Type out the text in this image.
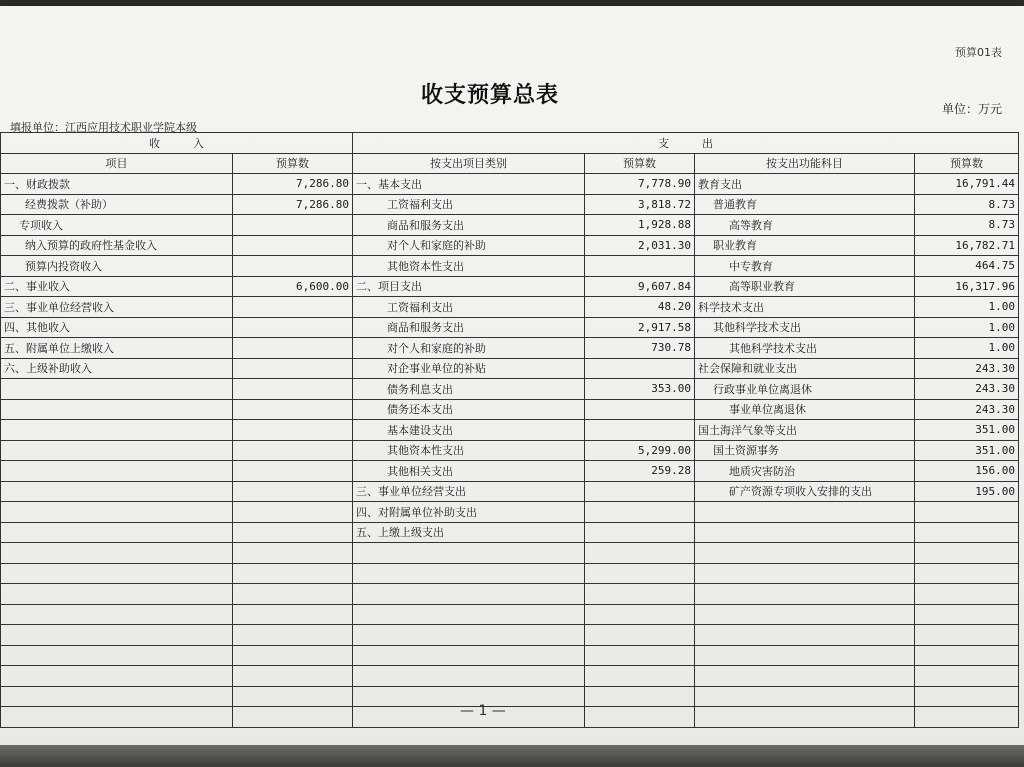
预算01表
收支预算总表
单位：万元
填报单位：江西应用技术职业学院本级
收　　　入		支　　　出			
项目	预算数	按支出项目类别	预算数	按支出功能科目	预算数
一、财政拨款	7,286.80	一、基本支出	7,778.90	教育支出	16,791.44
经费拨款（补助）	7,286.80	工资福利支出	3,818.72	普通教育	8.73
专项收入		商品和服务支出	1,928.88	高等教育	8.73
纳入预算的政府性基金收入		对个人和家庭的补助	2,031.30	职业教育	16,782.71
预算内投资收入		其他资本性支出		中专教育	464.75
二、事业收入	6,600.00	二、项目支出	9,607.84	高等职业教育	16,317.96
三、事业单位经营收入		工资福利支出	48.20	科学技术支出	1.00
四、其他收入		商品和服务支出	2,917.58	其他科学技术支出	1.00
五、附属单位上缴收入		对个人和家庭的补助	730.78	其他科学技术支出	1.00
六、上级补助收入		对企事业单位的补贴		社会保障和就业支出	243.30
		债务利息支出	353.00	行政事业单位离退休	243.30
		债务还本支出		事业单位离退休	243.30
		基本建设支出		国土海洋气象等支出	351.00
		其他资本性支出	5,299.00	国土资源事务	351.00
		其他相关支出	259.28	地质灾害防治	156.00
		三、事业单位经营支出		矿产资源专项收入安排的支出	195.00
		四、对附属单位补助支出			
		五、上缴上级支出			

— 1 —
